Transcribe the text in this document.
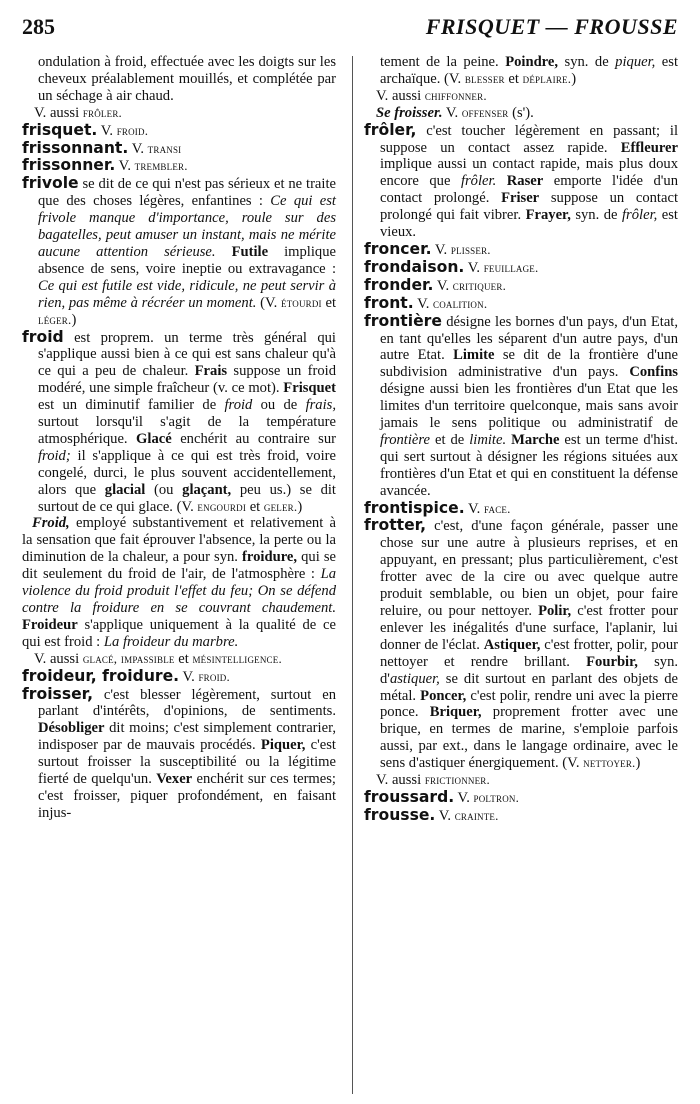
285	FRISQUET — FROUSSE

ondulation à froid, effectuée avec les doigts sur les cheveux préalablement mouillés, et complétée par un séchage à air chaud.

V. aussi frôler.

frisquet. V. froid.

frissonnant. V. transi

frissonner. V. trembler.

frivole se dit de ce qui n'est pas sérieux et ne traite que des choses légères, enfantines : Ce qui est frivole manque d'importance, roule sur des bagatelles, peut amuser un instant, mais ne mérite aucune attention sérieuse. Futile implique absence de sens, voire ineptie ou extravagance : Ce qui est futile est vide, ridicule, ne peut servir à rien, pas même à récréer un moment. (V. étourdi et léger.)

froid est proprem. un terme très général qui s'applique aussi bien à ce qui est sans chaleur qu'à ce qui a peu de chaleur. Frais suppose un froid modéré, une simple fraîcheur (v. ce mot). Frisquet est un diminutif familier de froid ou de frais, surtout lorsqu'il s'agit de la température atmosphérique. Glacé enchérit au contraire sur froid; il s'applique à ce qui est très froid, voire congelé, durci, le plus souvent accidentellement, alors que glacial (ou glaçant, peu us.) se dit surtout de ce qui glace. (V. engourdi et geler.)

Froid, employé substantivement et relativement à la sensation que fait éprouver l'absence, la perte ou la diminution de la chaleur, a pour syn. froidure, qui se dit seulement du froid de l'air, de l'atmosphère : La violence du froid produit l'effet du feu; On se défend contre la froidure en se couvrant chaudement. Froideur s'applique uniquement à la qualité de ce qui est froid : La froideur du marbre.

V. aussi glacé, impassible et mésintelligence.

froideur, froidure. V. froid.

froisser, c'est blesser légèrement, surtout en parlant d'intérêts, d'opinions, de sentiments. Désobliger dit moins; c'est simplement contrarier, indisposer par de mauvais procédés. Piquer, c'est surtout froisser la susceptibilité ou la légitime fierté de quelqu'un. Vexer enchérit sur ces termes; c'est froisser, piquer profondément, en faisant injus-

tement de la peine. Poindre, syn. de piquer, est archaïque. (V. blesser et déplaire.)

V. aussi chiffonner.

Se froisser. V. offenser (s').

frôler, c'est toucher légèrement en passant; il suppose un contact assez rapide. Effleurer implique aussi un contact rapide, mais plus doux encore que frôler. Raser emporte l'idée d'un contact prolongé. Friser suppose un contact prolongé qui fait vibrer. Frayer, syn. de frôler, est vieux.

froncer. V. plisser.

frondaison. V. feuillage.

fronder. V. critiquer.

front. V. coalition.

frontière désigne les bornes d'un pays, d'un Etat, en tant qu'elles les séparent d'un autre pays, d'un autre Etat. Limite se dit de la frontière d'une subdivision administrative d'un pays. Confins désigne aussi bien les frontières d'un Etat que les limites d'un territoire quelconque, mais sans avoir jamais le sens politique ou administratif de frontière et de limite. Marche est un terme d'hist. qui sert surtout à désigner les régions situées aux frontières d'un Etat et qui en constituent la défense avancée.

frontispice. V. face.

frotter, c'est, d'une façon générale, passer une chose sur une autre à plusieurs reprises, et en appuyant, en pressant; plus particulièrement, c'est frotter avec de la cire ou avec quelque autre produit semblable, ou bien un objet, pour faire reluire, ou pour nettoyer. Polir, c'est frotter pour enlever les inégalités d'une surface, l'aplanir, lui donner de l'éclat. Astiquer, c'est frotter, polir, pour nettoyer et rendre brillant. Fourbir, syn. d'astiquer, se dit surtout en parlant des objets de métal. Poncer, c'est polir, rendre uni avec la pierre ponce. Briquer, proprement frotter avec une brique, en termes de marine, s'emploie parfois aussi, par ext., dans le langage ordinaire, avec le sens d'astiquer énergiquement. (V. nettoyer.)

V. aussi frictionner.

froussard. V. poltron.

frousse. V. crainte.
